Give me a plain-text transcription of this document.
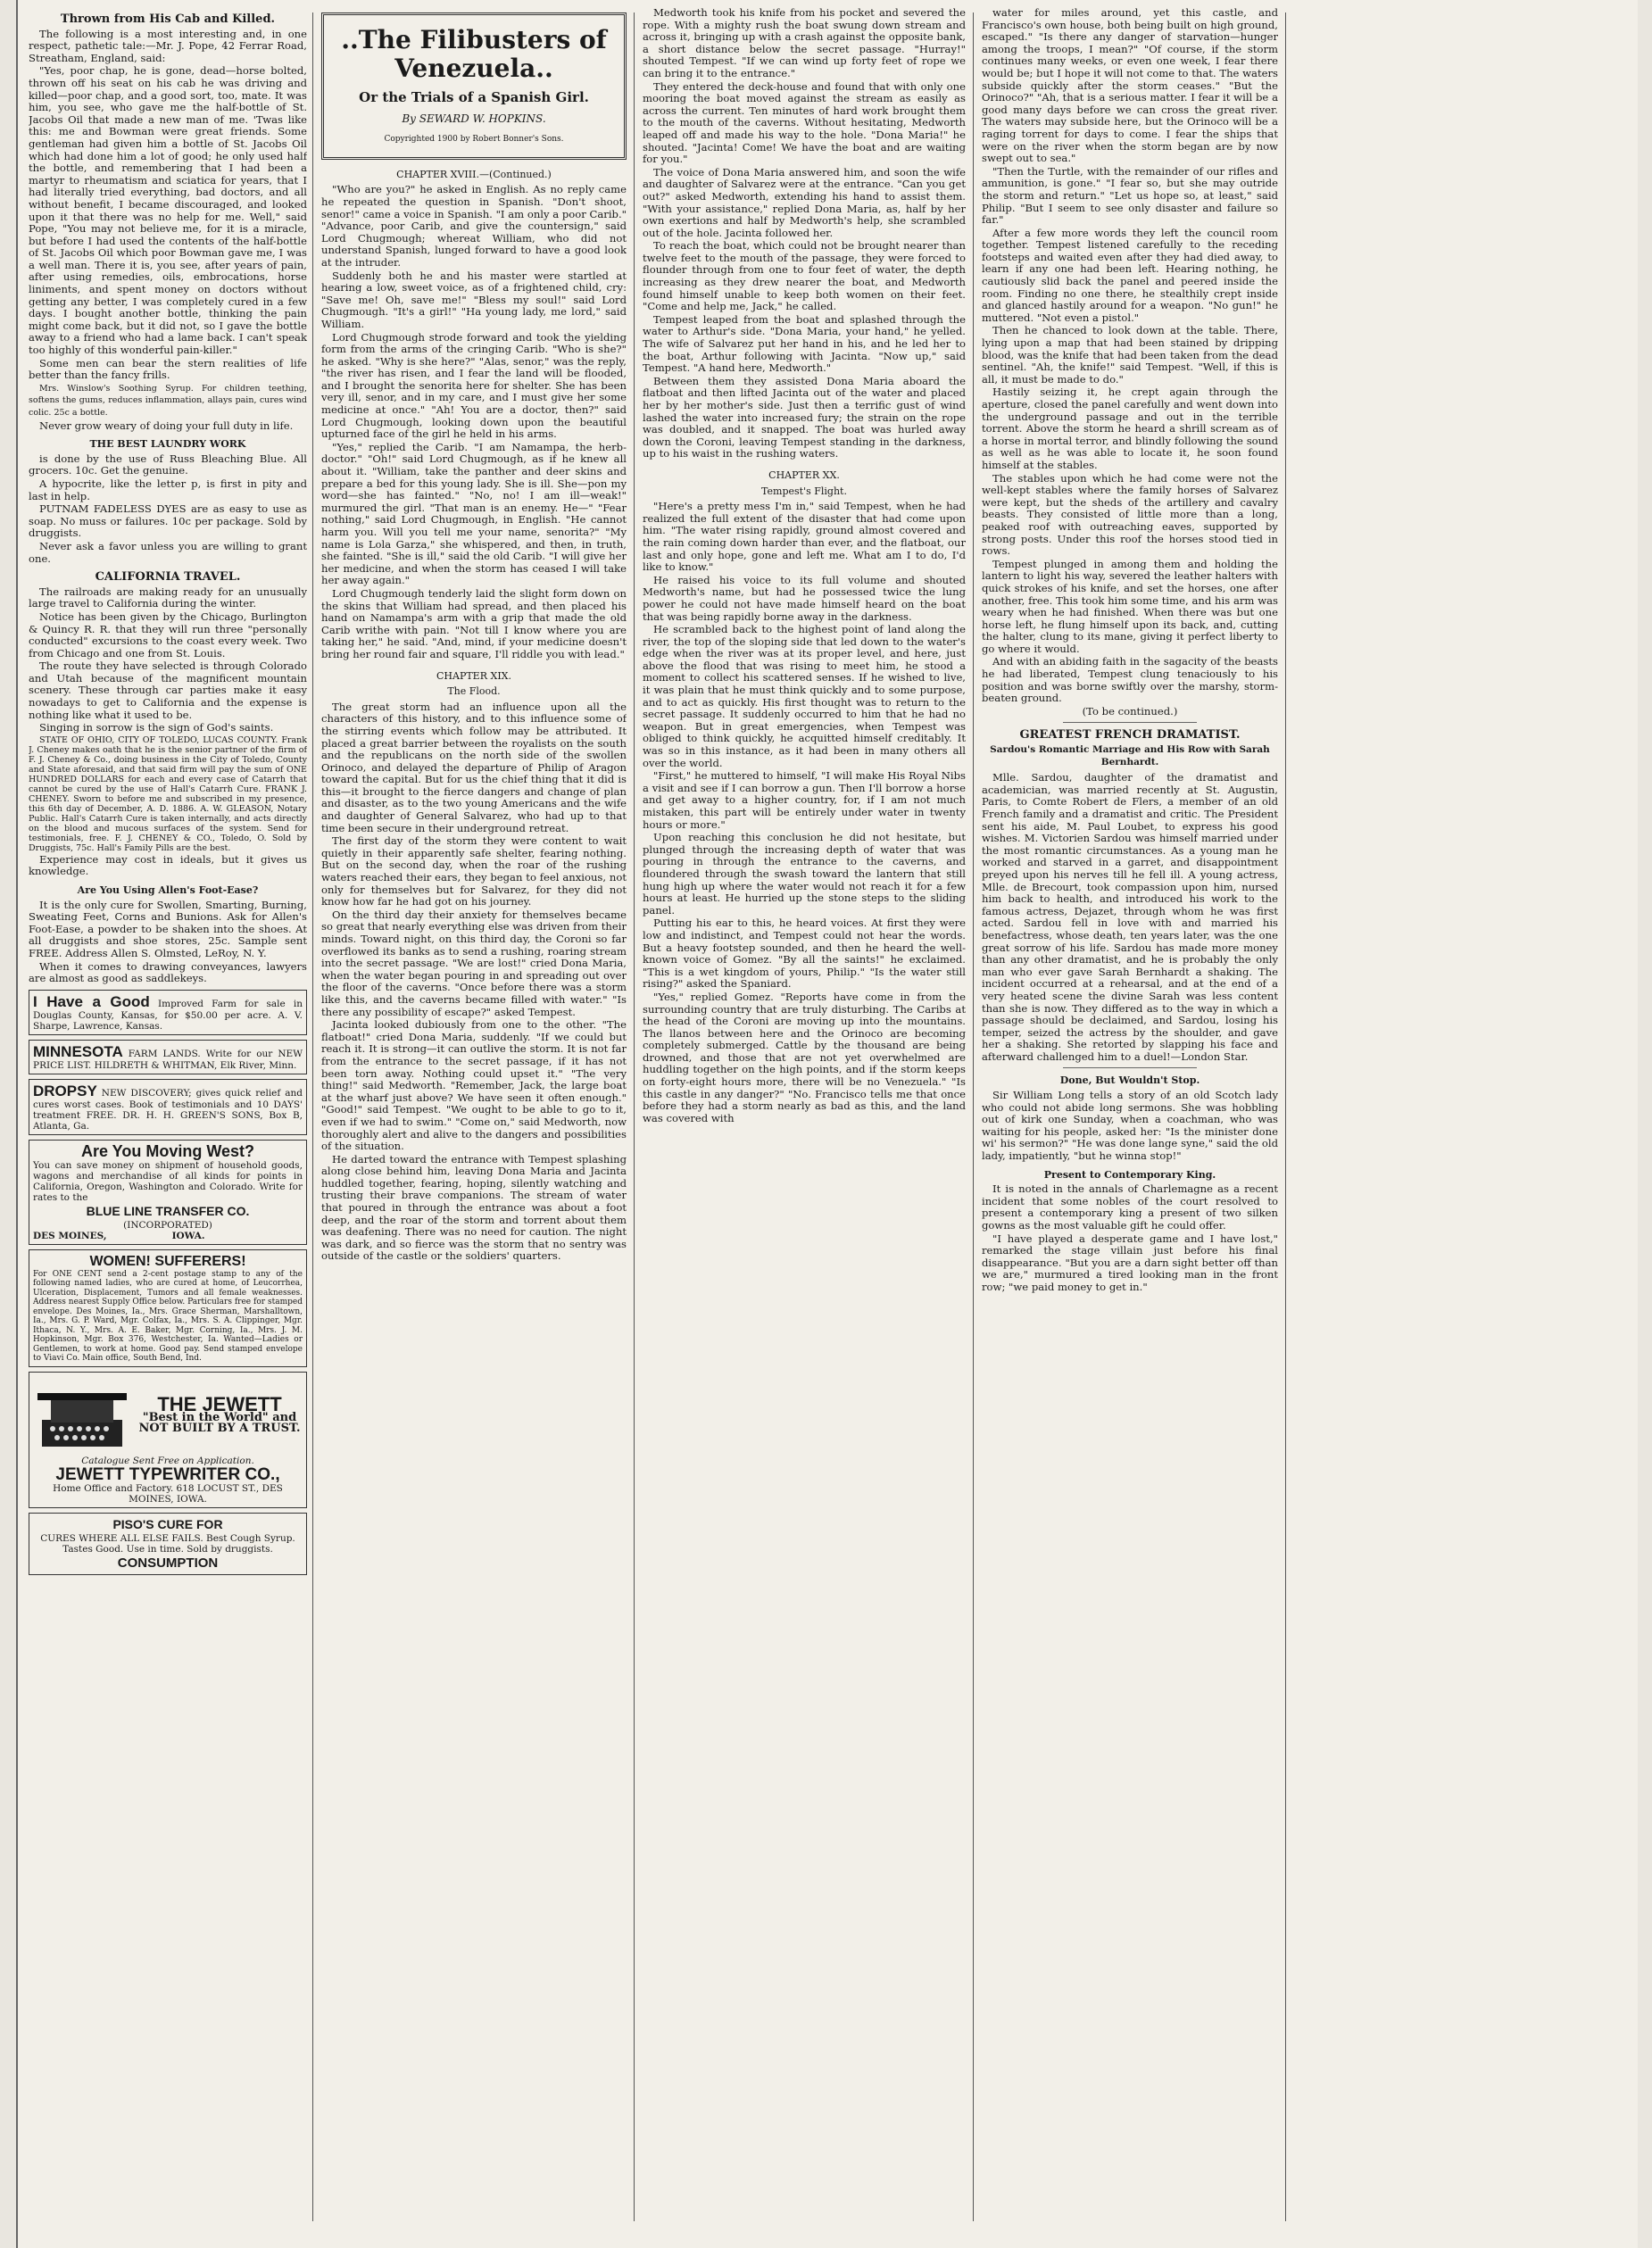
Thrown from His Cab and Killed.

The following is a most interesting and, in one respect, pathetic tale:—Mr. J. Pope, 42 Ferrar Road, Streatham, England, said:

"Yes, poor chap, he is gone, dead—horse bolted, thrown off his seat on his cab he was driving and killed—poor chap, and a good sort, too, mate. It was him, you see, who gave me the half-bottle of St. Jacobs Oil that made a new man of me. 'Twas like this: me and Bowman were great friends. Some gentleman had given him a bottle of St. Jacobs Oil which had done him a lot of good; he only used half the bottle, and remembering that I had been a martyr to rheumatism and sciatica for years, that I had literally tried everything, bad doctors, and all without benefit, I became discouraged, and looked upon it that there was no help for me. Well," said Pope, "You may not believe me, for it is a miracle, but before I had used the contents of the half-bottle of St. Jacobs Oil which poor Bowman gave me, I was a well man. There it is, you see, after years of pain, after using remedies, oils, embrocations, horse liniments, and spent money on doctors without getting any better, I was completely cured in a few days. I bought another bottle, thinking the pain might come back, but it did not, so I gave the bottle away to a friend who had a lame back. I can't speak too highly of this wonderful pain-killer."

Some men can bear the stern realities of life better than the fancy frills.

Mrs. Winslow's Soothing Syrup. For children teething, softens the gums, reduces inflammation, allays pain, cures wind colic. 25c a bottle.

Never grow weary of doing your full duty in life.

THE BEST LAUNDRY WORK

is done by the use of Russ Bleaching Blue. All grocers. 10c. Get the genuine.

A hypocrite, like the letter p, is first in pity and last in help.

PUTNAM FADELESS DYES are as easy to use as soap. No muss or failures. 10c per package. Sold by druggists.

Never ask a favor unless you are willing to grant one.

CALIFORNIA TRAVEL.

The railroads are making ready for an unusually large travel to California during the winter.

Notice has been given by the Chicago, Burlington & Quincy R. R. that they will run three "personally conducted" excursions to the coast every week. Two from Chicago and one from St. Louis.

The route they have selected is through Colorado and Utah because of the magnificent mountain scenery. These through car parties make it easy nowadays to get to California and the expense is nothing like what it used to be.

Singing in sorrow is the sign of God's saints.

STATE OF OHIO, CITY OF TOLEDO, LUCAS COUNTY. Frank J. Cheney makes oath that he is the senior partner of the firm of F. J. Cheney & Co., doing business in the City of Toledo, County and State aforesaid, and that said firm will pay the sum of ONE HUNDRED DOLLARS for each and every case of Catarrh that cannot be cured by the use of Hall's Catarrh Cure. FRANK J. CHENEY. Sworn to before me and subscribed in my presence, this 6th day of December, A. D. 1886. A. W. GLEASON, Notary Public. Hall's Catarrh Cure is taken internally, and acts directly on the blood and mucous surfaces of the system. Send for testimonials, free. F. J. CHENEY & CO., Toledo, O. Sold by Druggists, 75c. Hall's Family Pills are the best.

Experience may cost in ideals, but it gives us knowledge.

Are You Using Allen's Foot-Ease?

It is the only cure for Swollen, Smarting, Burning, Sweating Feet, Corns and Bunions. Ask for Allen's Foot-Ease, a powder to be shaken into the shoes. At all druggists and shoe stores, 25c. Sample sent FREE. Address Allen S. Olmsted, LeRoy, N. Y.

When it comes to drawing conveyances, lawyers are almost as good as saddlekeys.

I Have a Good Improved Farm for sale in Douglas County, Kansas, for $50.00 per acre. A. V. Sharpe, Lawrence, Kansas.
MINNESOTA FARM LANDS. Write for our NEW PRICE LIST. HILDRETH & WHITMAN, Elk River, Minn.
DROPSY NEW DISCOVERY; gives quick relief and cures worst cases. Book of testimonials and 10 DAYS' treatment FREE. DR. H. H. GREEN'S SONS, Box B, Atlanta, Ga.
Are You Moving West?
You can save money on shipment of household goods, wagons and merchandise of all kinds for points in California, Oregon, Washington and Colorado. Write for rates to the
BLUE LINE TRANSFER CO.
(INCORPORATED)
DES MOINES,                    IOWA.
WOMEN! SUFFERERS!
For ONE CENT send a 2-cent postage stamp to any of the following named ladies, who are cured at home, of Leucorrhea, Ulceration, Displacement, Tumors and all female weaknesses. Address nearest Supply Office below. Particulars free for stamped envelope. Des Moines, Ia., Mrs. Grace Sherman, Marshalltown, Ia., Mrs. G. P. Ward, Mgr. Colfax, Ia., Mrs. S. A. Clippinger, Mgr. Ithaca, N. Y., Mrs. A. E. Baker, Mgr. Corning, Ia., Mrs. J. M. Hopkinson, Mgr. Box 376, Westchester, Ia. Wanted—Ladies or Gentlemen, to work at home. Good pay. Send stamped envelope to Viavi Co. Main office, South Bend, Ind.
THE JEWETT
"Best in the World" and NOT BUILT BY A TRUST.
Catalogue Sent Free on Application.
JEWETT TYPEWRITER CO.,
Home Office and Factory. 618 LOCUST ST., DES MOINES, IOWA.
PISO'S CURE FOR
CURES WHERE ALL ELSE FAILS. Best Cough Syrup. Tastes Good. Use in time. Sold by druggists.
CONSUMPTION
..The Filibusters of Venezuela..
Or the Trials of a Spanish Girl.
By SEWARD W. HOPKINS.
Copyrighted 1900 by Robert Bonner's Sons.
CHAPTER XVIII.—(Continued.)

"Who are you?" he asked in English. As no reply came he repeated the question in Spanish. "Don't shoot, senor!" came a voice in Spanish. "I am only a poor Carib." "Advance, poor Carib, and give the countersign," said Lord Chugmough; whereat William, who did not understand Spanish, lunged forward to have a good look at the intruder.

Suddenly both he and his master were startled at hearing a low, sweet voice, as of a frightened child, cry: "Save me! Oh, save me!" "Bless my soul!" said Lord Chugmough. "It's a girl!" "Ha young lady, me lord," said William.

Lord Chugmough strode forward and took the yielding form from the arms of the cringing Carib. "Who is she?" he asked. "Why is she here?" "Alas, senor," was the reply, "the river has risen, and I fear the land will be flooded, and I brought the senorita here for shelter. She has been very ill, senor, and in my care, and I must give her some medicine at once." "Ah! You are a doctor, then?" said Lord Chugmough, looking down upon the beautiful upturned face of the girl he held in his arms.

"Yes," replied the Carib. "I am Namampa, the herb-doctor." "Oh!" said Lord Chugmough, as if he knew all about it. "William, take the panther and deer skins and prepare a bed for this young lady. She is ill. She—pon my word—she has fainted." "No, no! I am ill—weak!" murmured the girl. "That man is an enemy. He—" "Fear nothing," said Lord Chugmough, in English. "He cannot harm you. Will you tell me your name, senorita?" "My name is Lola Garza," she whispered, and then, in truth, she fainted. "She is ill," said the old Carib. "I will give her her medicine, and when the storm has ceased I will take her away again."

Lord Chugmough tenderly laid the slight form down on the skins that William had spread, and then placed his hand on Namampa's arm with a grip that made the old Carib writhe with pain. "Not till I know where you are taking her," he said. "And, mind, if your medicine doesn't bring her round fair and square, I'll riddle you with lead."

CHAPTER XIX.
The Flood.

The great storm had an influence upon all the characters of this history, and to this influence some of the stirring events which follow may be attributed. It placed a great barrier between the royalists on the south and the republicans on the north side of the swollen Orinoco, and delayed the departure of Philip of Aragon toward the capital. But for us the chief thing that it did is this—it brought to the fierce dangers and change of plan and disaster, as to the two young Americans and the wife and daughter of General Salvarez, who had up to that time been secure in their underground retreat.

The first day of the storm they were content to wait quietly in their apparently safe shelter, fearing nothing. But on the second day, when the roar of the rushing waters reached their ears, they began to feel anxious, not only for themselves but for Salvarez, for they did not know how far he had got on his journey.

On the third day their anxiety for themselves became so great that nearly everything else was driven from their minds. Toward night, on this third day, the Coroni so far overflowed its banks as to send a rushing, roaring stream into the secret passage. "We are lost!" cried Dona Maria, when the water began pouring in and spreading out over the floor of the caverns. "Once before there was a storm like this, and the caverns became filled with water." "Is there any possibility of escape?" asked Tempest.

Jacinta looked dubiously from one to the other. "The flatboat!" cried Dona Maria, suddenly. "If we could but reach it. It is strong—it can outlive the storm. It is not far from the entrance to the secret passage, if it has not been torn away. Nothing could upset it." "The very thing!" said Medworth. "Remember, Jack, the large boat at the wharf just above? We have seen it often enough." "Good!" said Tempest. "We ought to be able to go to it, even if we had to swim." "Come on," said Medworth, now thoroughly alert and alive to the dangers and possibilities of the situation.

He darted toward the entrance with Tempest splashing along close behind him, leaving Dona Maria and Jacinta huddled together, fearing, hoping, silently watching and trusting their brave companions. The stream of water that poured in through the entrance was about a foot deep, and the roar of the storm and torrent about them was deafening. There was no need for caution. The night was dark, and so fierce was the storm that no sentry was outside of the castle or the soldiers' quarters.

Medworth took his knife from his pocket and severed the rope. With a mighty rush the boat swung down stream and across it, bringing up with a crash against the opposite bank, a short distance below the secret passage. "Hurray!" shouted Tempest. "If we can wind up forty feet of rope we can bring it to the entrance."

They entered the deck-house and found that with only one mooring the boat moved against the stream as easily as across the current. Ten minutes of hard work brought them to the mouth of the caverns. Without hesitating, Medworth leaped off and made his way to the hole. "Dona Maria!" he shouted. "Jacinta! Come! We have the boat and are waiting for you."

The voice of Dona Maria answered him, and soon the wife and daughter of Salvarez were at the entrance. "Can you get out?" asked Medworth, extending his hand to assist them. "With your assistance," replied Dona Maria, as, half by her own exertions and half by Medworth's help, she scrambled out of the hole. Jacinta followed her.

To reach the boat, which could not be brought nearer than twelve feet to the mouth of the passage, they were forced to flounder through from one to four feet of water, the depth increasing as they drew nearer the boat, and Medworth found himself unable to keep both women on their feet. "Come and help me, Jack," he called.

Tempest leaped from the boat and splashed through the water to Arthur's side. "Dona Maria, your hand," he yelled. The wife of Salvarez put her hand in his, and he led her to the boat, Arthur following with Jacinta. "Now up," said Tempest. "A hand here, Medworth."

Between them they assisted Dona Maria aboard the flatboat and then lifted Jacinta out of the water and placed her by her mother's side. Just then a terrific gust of wind lashed the water into increased fury; the strain on the rope was doubled, and it snapped. The boat was hurled away down the Coroni, leaving Tempest standing in the darkness, up to his waist in the rushing waters.

CHAPTER XX.
Tempest's Flight.

"Here's a pretty mess I'm in," said Tempest, when he had realized the full extent of the disaster that had come upon him. "The water rising rapidly, ground almost covered and the rain coming down harder than ever, and the flatboat, our last and only hope, gone and left me. What am I to do, I'd like to know."

He raised his voice to its full volume and shouted Medworth's name, but had he possessed twice the lung power he could not have made himself heard on the boat that was being rapidly borne away in the darkness.

He scrambled back to the highest point of land along the river, the top of the sloping side that led down to the water's edge when the river was at its proper level, and here, just above the flood that was rising to meet him, he stood a moment to collect his scattered senses. If he wished to live, it was plain that he must think quickly and to some purpose, and to act as quickly. His first thought was to return to the secret passage. It suddenly occurred to him that he had no weapon. But in great emergencies, when Tempest was obliged to think quickly, he acquitted himself creditably. It was so in this instance, as it had been in many others all over the world.

"First," he muttered to himself, "I will make His Royal Nibs a visit and see if I can borrow a gun. Then I'll borrow a horse and get away to a higher country, for, if I am not much mistaken, this part will be entirely under water in twenty hours or more."

Upon reaching this conclusion he did not hesitate, but plunged through the increasing depth of water that was pouring in through the entrance to the caverns, and floundered through the swash toward the lantern that still hung high up where the water would not reach it for a few hours at least. He hurried up the stone steps to the sliding panel.

Putting his ear to this, he heard voices. At first they were low and indistinct, and Tempest could not hear the words. But a heavy footstep sounded, and then he heard the well-known voice of Gomez. "By all the saints!" he exclaimed. "This is a wet kingdom of yours, Philip." "Is the water still rising?" asked the Spaniard.

"Yes," replied Gomez. "Reports have come in from the surrounding country that are truly disturbing. The Caribs at the head of the Coroni are moving up into the mountains. The llanos between here and the Orinoco are becoming completely submerged. Cattle by the thousand are being drowned, and those that are not yet overwhelmed are huddling together on the high points, and if the storm keeps on forty-eight hours more, there will be no Venezuela." "Is this castle in any danger?" "No. Francisco tells me that once before they had a storm nearly as bad as this, and the land was covered with

water for miles around, yet this castle, and Francisco's own house, both being built on high ground, escaped." "Is there any danger of starvation—hunger among the troops, I mean?" "Of course, if the storm continues many weeks, or even one week, I fear there would be; but I hope it will not come to that. The waters subside quickly after the storm ceases." "But the Orinoco?" "Ah, that is a serious matter. I fear it will be a good many days before we can cross the great river. The waters may subside here, but the Orinoco will be a raging torrent for days to come. I fear the ships that were on the river when the storm began are by now swept out to sea."

"Then the Turtle, with the remainder of our rifles and ammunition, is gone." "I fear so, but she may outride the storm and return." "Let us hope so, at least," said Philip. "But I seem to see only disaster and failure so far."

After a few more words they left the council room together. Tempest listened carefully to the receding footsteps and waited even after they had died away, to learn if any one had been left. Hearing nothing, he cautiously slid back the panel and peered inside the room. Finding no one there, he stealthily crept inside and glanced hastily around for a weapon. "No gun!" he muttered. "Not even a pistol."

Then he chanced to look down at the table. There, lying upon a map that had been stained by dripping blood, was the knife that had been taken from the dead sentinel. "Ah, the knife!" said Tempest. "Well, if this is all, it must be made to do."

Hastily seizing it, he crept again through the aperture, closed the panel carefully and went down into the underground passage and out in the terrible torrent. Above the storm he heard a shrill scream as of a horse in mortal terror, and blindly following the sound as well as he was able to locate it, he soon found himself at the stables.

The stables upon which he had come were not the well-kept stables where the family horses of Salvarez were kept, but the sheds of the artillery and cavalry beasts. They consisted of little more than a long, peaked roof with outreaching eaves, supported by strong posts. Under this roof the horses stood tied in rows.

Tempest plunged in among them and holding the lantern to light his way, severed the leather halters with quick strokes of his knife, and set the horses, one after another, free. This took him some time, and his arm was weary when he had finished. When there was but one horse left, he flung himself upon its back, and, cutting the halter, clung to its mane, giving it perfect liberty to go where it would.

And with an abiding faith in the sagacity of the beasts he had liberated, Tempest clung tenaciously to his position and was borne swiftly over the marshy, storm-beaten ground.

(To be continued.)
GREATEST FRENCH DRAMATIST.
Sardou's Romantic Marriage and His Row with Sarah Bernhardt.

Mlle. Sardou, daughter of the dramatist and academician, was married recently at St. Augustin, Paris, to Comte Robert de Flers, a member of an old French family and a dramatist and critic. The President sent his aide, M. Paul Loubet, to express his good wishes. M. Victorien Sardou was himself married under the most romantic circumstances. As a young man he worked and starved in a garret, and disappointment preyed upon his nerves till he fell ill. A young actress, Mlle. de Brecourt, took compassion upon him, nursed him back to health, and introduced his work to the famous actress, Dejazet, through whom he was first acted. Sardou fell in love with and married his benefactress, whose death, ten years later, was the one great sorrow of his life. Sardou has made more money than any other dramatist, and he is probably the only man who ever gave Sarah Bernhardt a shaking. The incident occurred at a rehearsal, and at the end of a very heated scene the divine Sarah was less content than she is now. They differed as to the way in which a passage should be declaimed, and Sardou, losing his temper, seized the actress by the shoulder, and gave her a shaking. She retorted by slapping his face and afterward challenged him to a duel!—London Star.

Done, But Wouldn't Stop.

Sir William Long tells a story of an old Scotch lady who could not abide long sermons. She was hobbling out of kirk one Sunday, when a coachman, who was waiting for his people, asked her: "Is the minister done wi' his sermon?" "He was done lange syne," said the old lady, impatiently, "but he winna stop!"

Present to Contemporary King.

It is noted in the annals of Charlemagne as a recent incident that some nobles of the court resolved to present a contemporary king a present of two silken gowns as the most valuable gift he could offer.

"I have played a desperate game and I have lost," remarked the stage villain just before his final disappearance. "But you are a darn sight better off than we are," murmured a tired looking man in the front row; "we paid money to get in."
